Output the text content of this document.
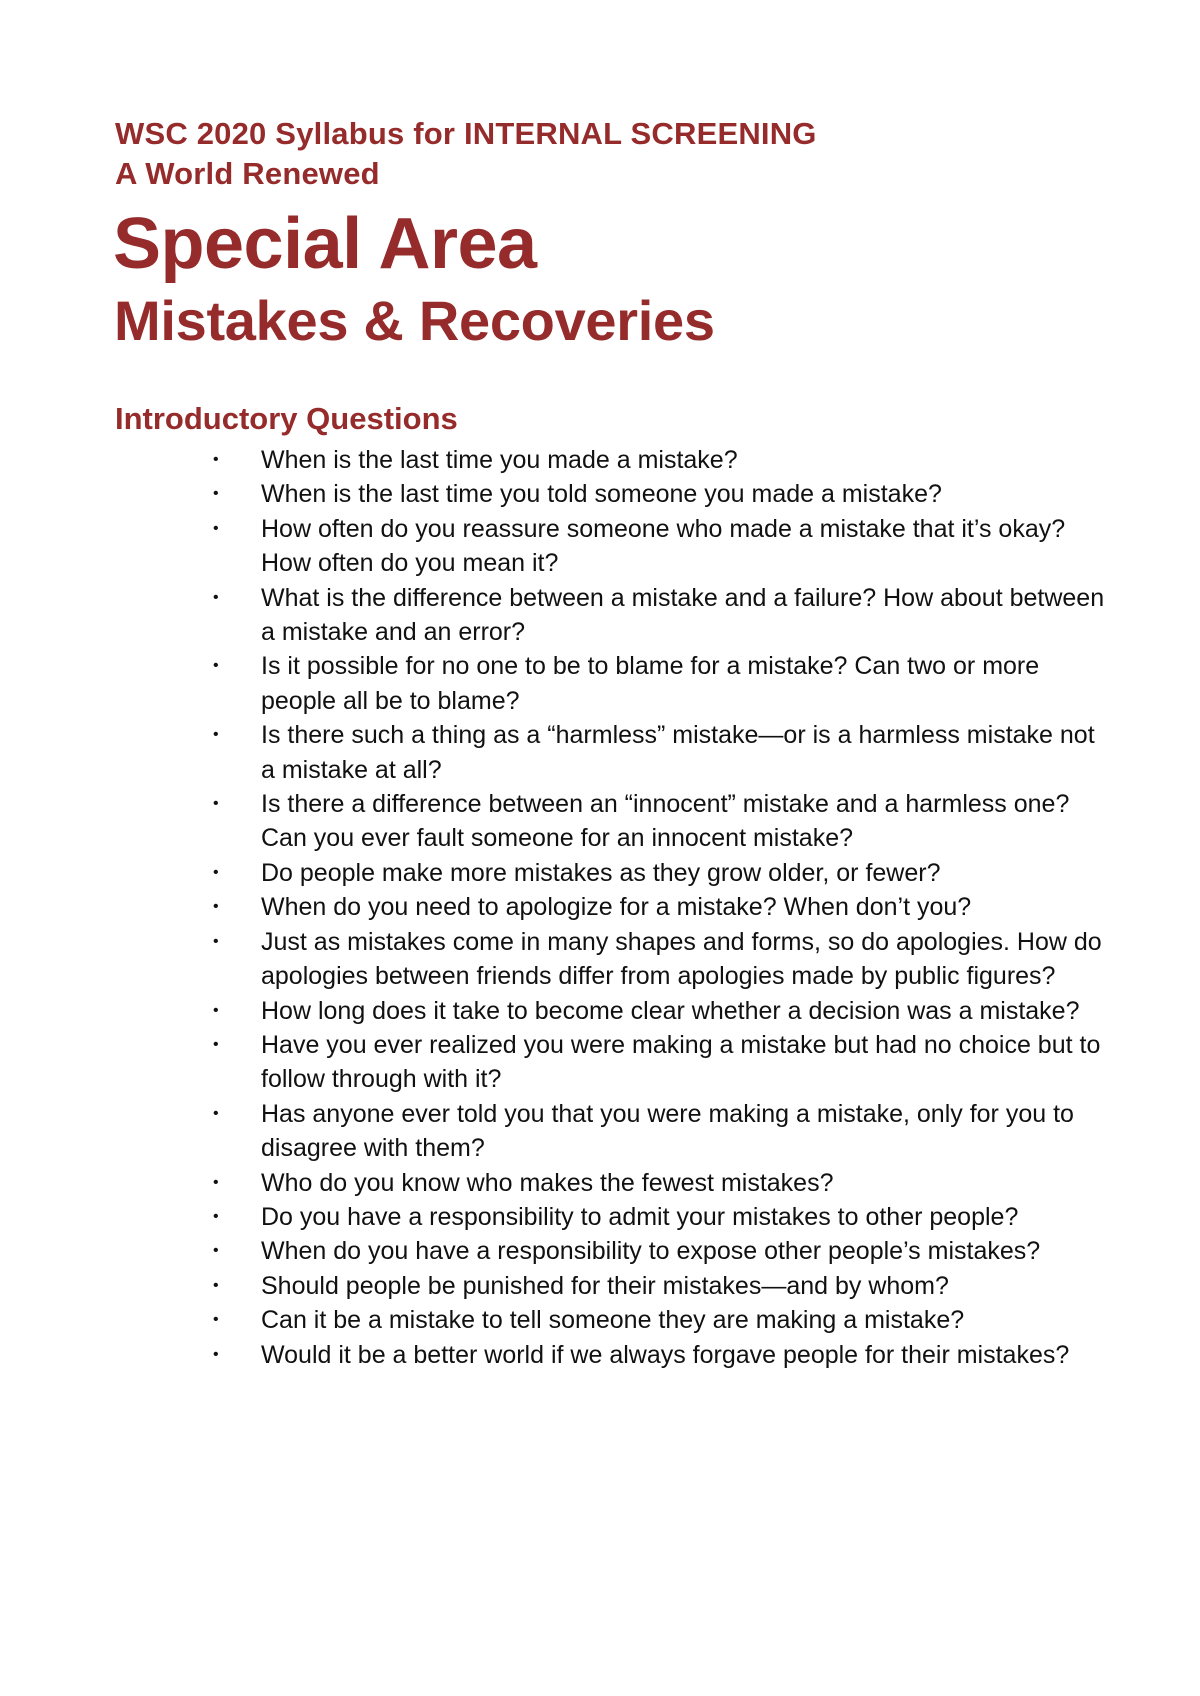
WSC 2020 Syllabus for INTERNAL SCREENING

A World Renewed

Special Area
Mistakes & Recoveries
Introductory Questions
• When is the last time you made a mistake?
• When is the last time you told someone you made a mistake?
• How often do you reassure someone who made a mistake that it’s okay? How often do you mean it?
• What is the difference between a mistake and a failure? How about between a mistake and an error?
• Is it possible for no one to be to blame for a mistake? Can two or more people all be to blame?
• Is there such a thing as a “harmless” mistake—or is a harmless mistake not a mistake at all?
• Is there a difference between an “innocent” mistake and a harmless one? Can you ever fault someone for an innocent mistake?
• Do people make more mistakes as they grow older, or fewer?
• When do you need to apologize for a mistake? When don’t you?
• Just as mistakes come in many shapes and forms, so do apologies. How do apologies between friends differ from apologies made by public figures?
• How long does it take to become clear whether a decision was a mistake?
• Have you ever realized you were making a mistake but had no choice but to follow through with it?
• Has anyone ever told you that you were making a mistake, only for you to disagree with them?
• Who do you know who makes the fewest mistakes?
• Do you have a responsibility to admit your mistakes to other people?
• When do you have a responsibility to expose other people’s mistakes?
• Should people be punished for their mistakes—and by whom?
• Can it be a mistake to tell someone they are making a mistake?
• Would it be a better world if we always forgave people for their mistakes?
